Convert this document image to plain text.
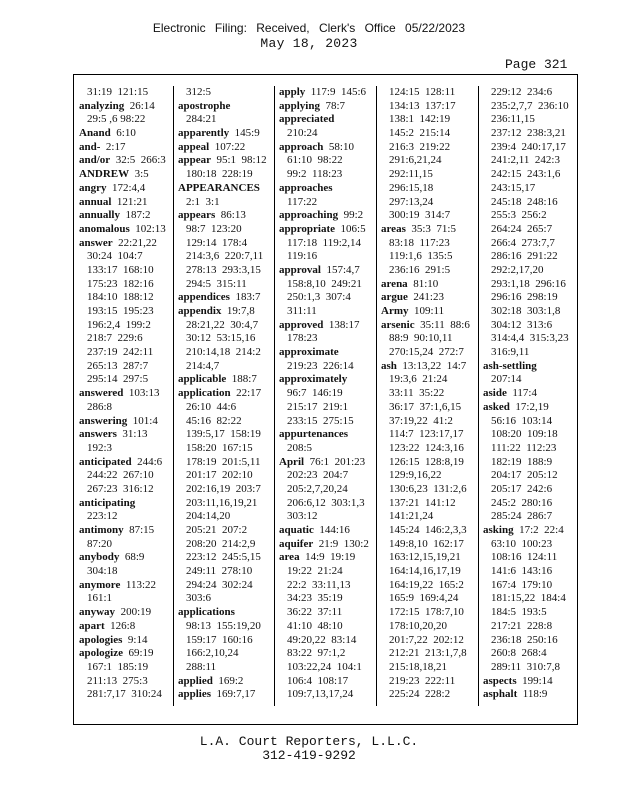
Electronic Filing: Received, Clerk's Office 05/22/2023
May 18, 2023
Page 321
31:19  121:15
analyzing  26:14
29:5 ,6 98:22
Anand  6:10
and-  2:17
and/or  32:5  266:3
ANDREW  3:5
angry  172:4,4
annual  121:21
annually  187:2
anomalous  102:13
answer  22:21,22
30:24  104:7
133:17  168:10
175:23  182:16
184:10  188:12
193:15  195:23
196:2,4  199:2
218:7  229:6
237:19  242:11
265:13  287:7
295:14  297:5
answered  103:13
286:8
answering  101:4
answers  31:13
192:3
anticipated  244:6
244:22  267:10
267:23  316:12
anticipating
223:12
antimony  87:15
87:20
anybody  68:9
304:18
anymore  113:22
161:1
anyway  200:19
apart  126:8
apologies  9:14
apologize  69:19
167:1  185:19
211:13  275:3
281:7,17  310:24
312:5
apostrophe
284:21
apparently  145:9
appeal  107:22
appear  95:1  98:12
180:18  228:19
APPEARANCES
2:1  3:1
appears  86:13
98:7  123:20
129:14  178:4
214:3,6  220:7,11
278:13  293:3,15
294:5  315:11
appendices  183:7
appendix  19:7,8
28:21,22  30:4,7
30:12  53:15,16
210:14,18  214:2
214:4,7
applicable  188:7
application  22:17
26:10  44:6
45:16  82:22
139:5,17  158:19
158:20  167:15
178:19  201:5,11
201:17  202:10
202:16,19  203:7
203:11,16,19,21
204:14,20
205:21  207:2
208:20  214:2,9
223:12  245:5,15
249:11  278:10
294:24  302:24
303:6
applications
98:13  155:19,20
159:17  160:16
166:2,10,24
288:11
applied  169:2
applies  169:7,17
apply  117:9  145:6
applying  78:7
appreciated
210:24
approach  58:10
61:10  98:22
99:2  118:23
approaches
117:22
approaching  99:2
appropriate  106:5
117:18  119:2,14
119:16
approval  157:4,7
158:8,10  249:21
250:1,3  307:4
311:11
approved  138:17
178:23
approximate
219:23  226:14
approximately
96:7  146:19
215:17  219:1
233:15  275:15
appurtenances
208:5
April  76:1  201:23
202:23  204:7
205:2,7,20,24
206:6,12  303:1,3
303:12
aquatic  144:16
aquifer  21:9  130:2
area  14:9  19:19
19:22  21:24
22:2  33:11,13
34:23  35:19
36:22  37:11
41:10  48:10
49:20,22  83:14
83:22  97:1,2
103:22,24  104:1
106:4  108:17
109:7,13,17,24
124:15  128:11
134:13  137:17
138:1  142:19
145:2  215:14
216:3  219:22
291:6,21,24
292:11,15
296:15,18
297:13,24
300:19  314:7
areas  35:3  71:5
83:18  117:23
119:1,6  135:5
236:16  291:5
arena  81:10
argue  241:23
Army  109:11
arsenic  35:11  88:6
88:9  90:10,11
270:15,24  272:7
ash  13:13,22  14:7
19:3,6  21:24
33:11  35:22
36:17  37:1,6,15
37:19,22  41:2
114:7  123:17,17
123:22  124:3,16
126:15  128:8,19
129:9,16,22
130:6,23  131:2,6
137:21  141:12
141:21,24
145:24  146:2,3,3
149:8,10  162:17
163:12,15,19,21
164:14,16,17,19
164:19,22  165:2
165:9  169:4,24
172:15  178:7,10
178:10,20,20
201:7,22  202:12
212:21  213:1,7,8
215:18,18,21
219:23  222:11
225:24  228:2
229:12  234:6
235:2,7,7  236:10
236:11,15
237:12  238:3,21
239:4  240:17,17
241:2,11  242:3
242:15  243:1,6
243:15,17
245:18  248:16
255:3  256:2
264:24  265:7
266:4  273:7,7
286:16  291:22
292:2,17,20
293:1,18  296:16
296:16  298:19
302:18  303:1,8
304:12  313:6
314:4,4  315:3,23
316:9,11
ash-settling
207:14
aside  117:4
asked  17:2,19
56:16  103:14
108:20  109:18
111:22  112:23
182:19  188:9
204:17  205:12
205:17  242:6
245:2  280:16
285:24  286:7
asking  17:2  22:4
63:10  100:23
108:16  124:11
141:6  143:16
167:4  179:10
181:15,22  184:4
184:5  193:5
217:21  228:8
236:18  250:16
260:8  268:4
289:11  310:7,8
aspects  199:14
asphalt  118:9
L.A. Court Reporters, L.L.C.
312-419-9292
